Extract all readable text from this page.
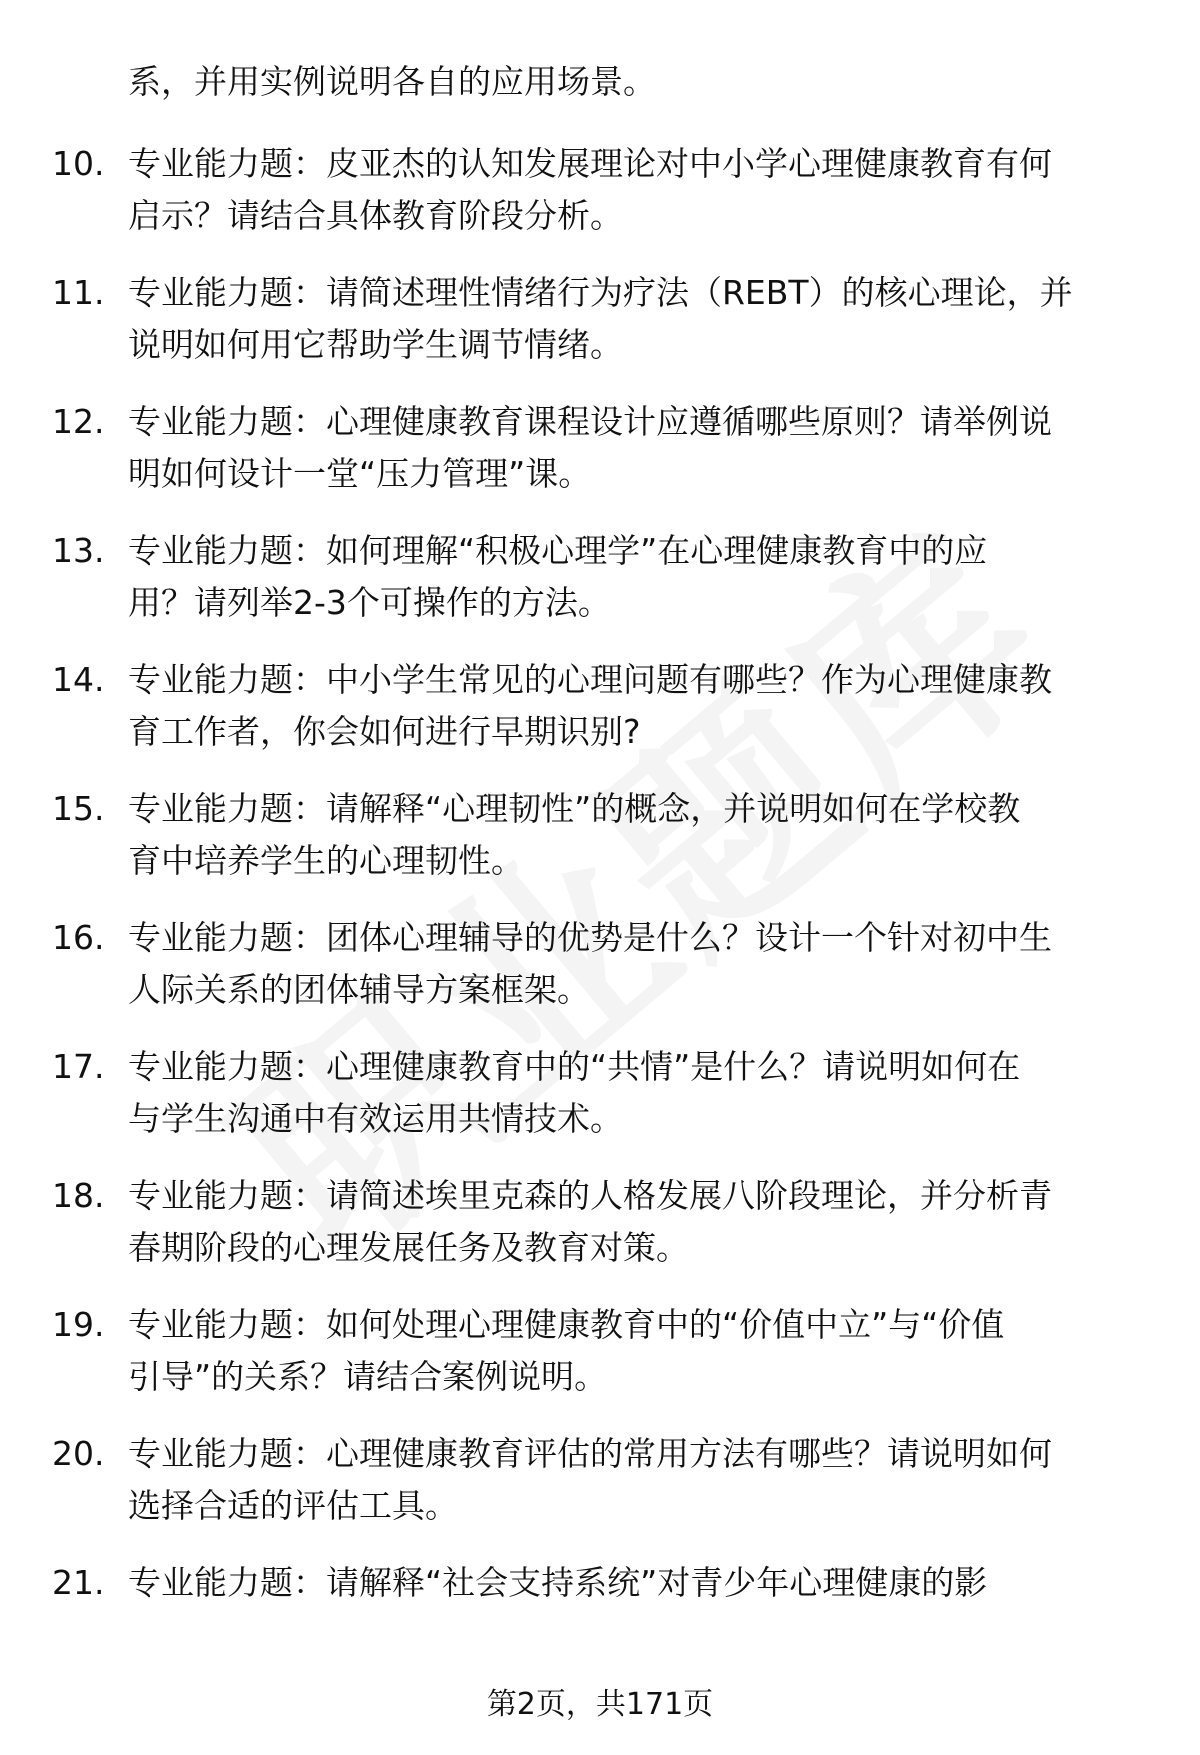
系，并用实例说明各自的应用场景。
10. 专业能力题：皮亚杰的认知发展理论对中小学心理健康教育有何
启示？请结合具体教育阶段分析。
11. 专业能力题：请简述理性情绪行为疗法（REBT）的核心理论，并
说明如何用它帮助学生调节情绪。
12. 专业能力题：心理健康教育课程设计应遵循哪些原则？请举例说
明如何设计一堂“压力管理”课。
13. 专业能力题：如何理解“积极心理学”在心理健康教育中的应
用？请列举2-3个可操作的方法。
14. 专业能力题：中小学生常见的心理问题有哪些？作为心理健康教
育工作者，你会如何进行早期识别?
15. 专业能力题：请解释“心理韧性”的概念，并说明如何在学校教
育中培养学生的心理韧性。
16. 专业能力题：团体心理辅导的优势是什么？设计一个针对初中生
人际关系的团体辅导方案框架。
17. 专业能力题：心理健康教育中的“共情”是什么？请说明如何在
与学生沟通中有效运用共情技术。
18. 专业能力题：请简述埃里克森的人格发展八阶段理论，并分析青
春期阶段的心理发展任务及教育对策。
19. 专业能力题：如何处理心理健康教育中的“价值中立”与“价值
引导”的关系？请结合案例说明。
20. 专业能力题：心理健康教育评估的常用方法有哪些？请说明如何
选择合适的评估工具。
21. 专业能力题：请解释“社会支持系统”对青少年心理健康的影
第2页，共171页
